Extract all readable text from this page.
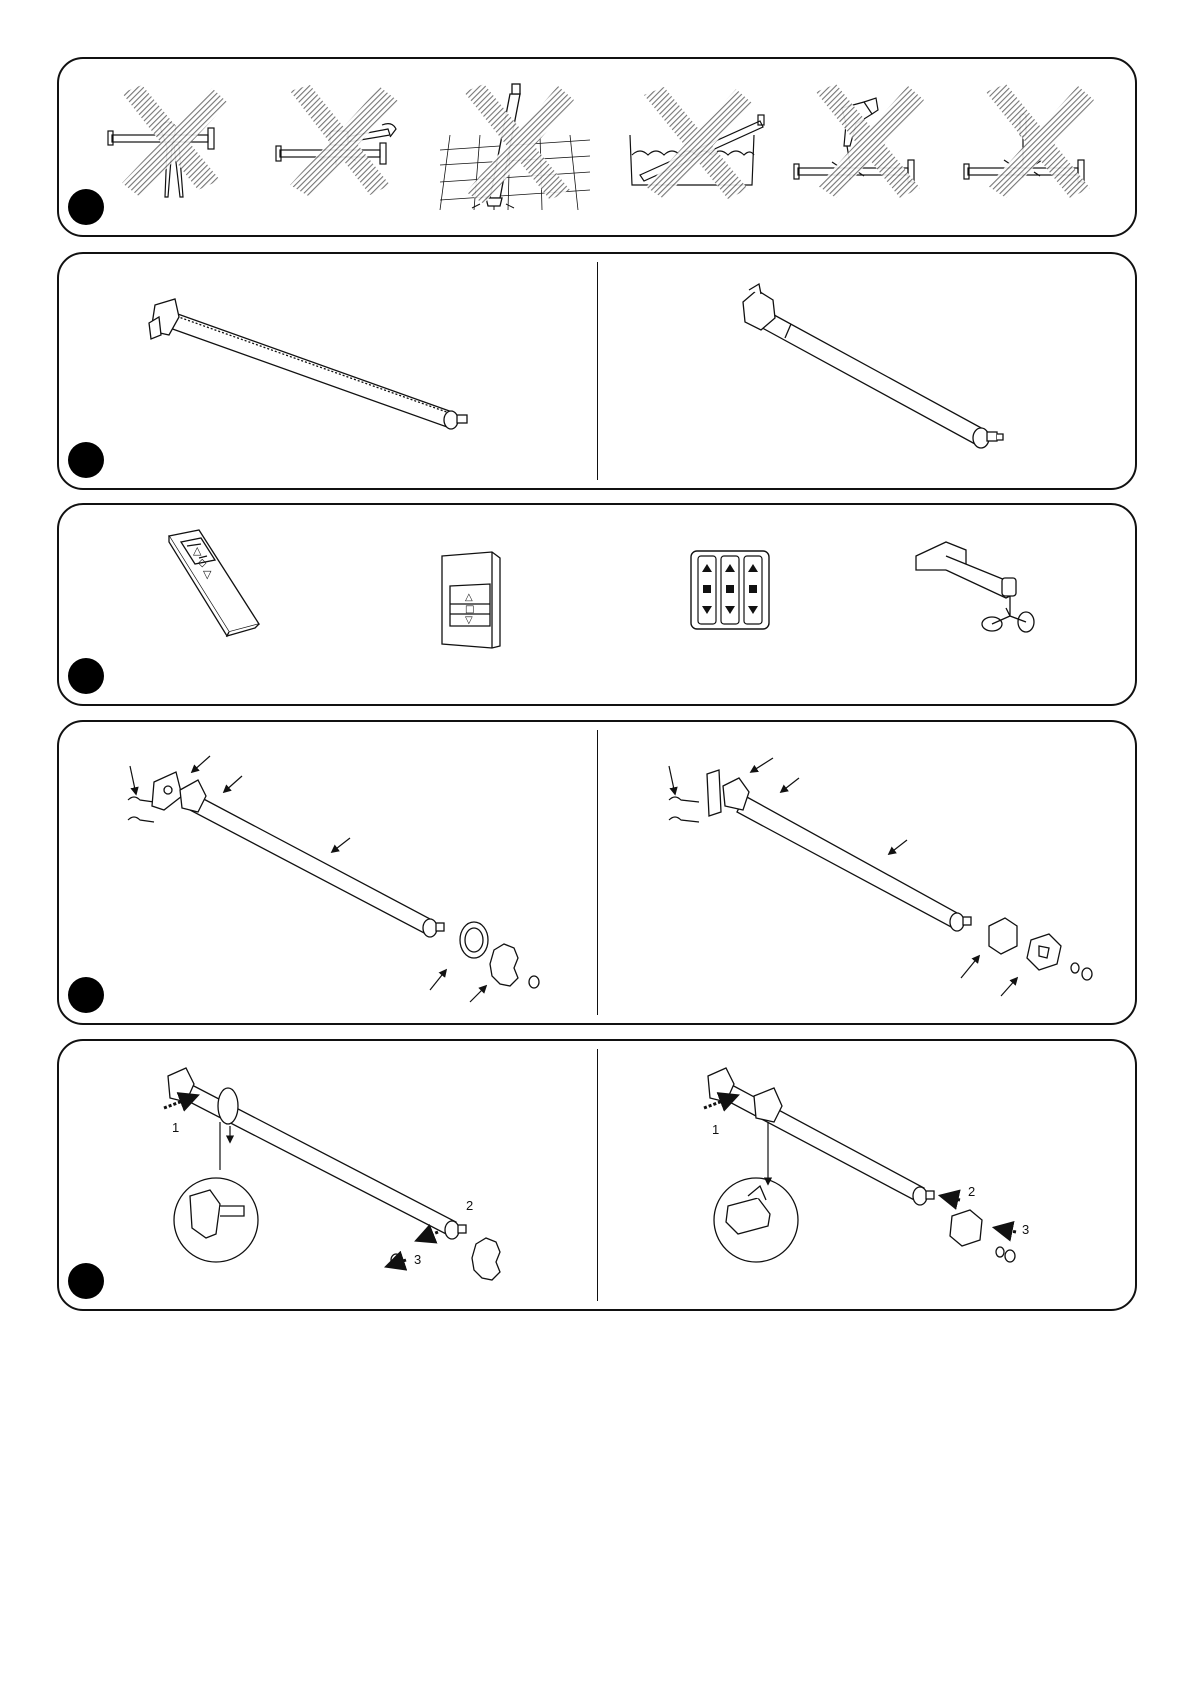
△
◇
▽
△
□
▽
1
2
3
1
2
3
